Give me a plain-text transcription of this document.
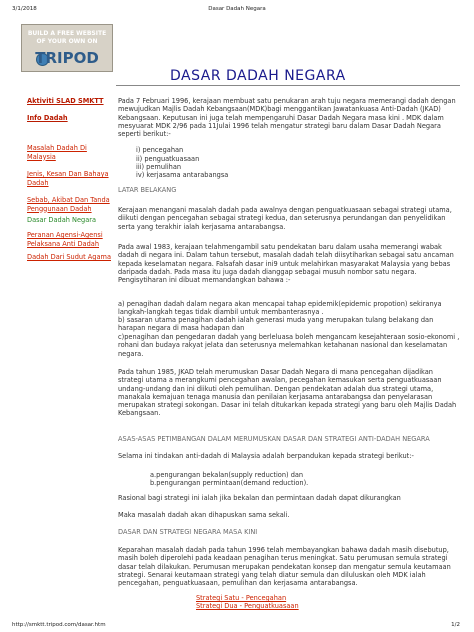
3/1/2018	Dasar Dadah Negara
BUILD A FREE WEBSITE
OF YOUR OWN ON
TRIPOD
DASAR DADAH NEGARA
Aktiviti SLAD SMKTT
Info Dadah
Masalah Dadah Di Malaysia
Jenis, Kesan Dan Bahaya Dadah
Sebab, Akibat Dan Tanda Penggunaan Dadah
Dasar Dadah Negara
Peranan Agensi-Agensi Pelaksana Anti Dadah
Dadah Dari Sudut Agama

Pada 7 Februari 1996, kerajaan membuat satu penukaran arah tuju negara memerangi dadah dengan mewujudkan Majlis Dadah Kebangsaan(MDK)bagi menggantikan Jawatankuasa Anti-Dadah (JKAD) Kebangsaan. Keputusan ini juga telah mempengaruhi Dasar Dadah Negara masa kini . MDK dalam mesyuarat MDK 2/96 pada 11Julai 1996 telah mengatur strategi baru dalam Dasar Dadah Negara seperti berikut:-

i) pencegahan

ii) penguatkuasaan

iii) pemulihan

iv) kerjasama antarabangsa

LATAR BELAKANG

Kerajaan menangani masalah dadah pada awalnya dengan penguatkuasaan sebagai strategi utama, diikuti dengan pencegahan sebagai strategi kedua, dan seterusnya perundangan dan penyelidikan serta yang terakhir ialah kerjasama antarabangsa.

Pada awal 1983, kerajaan telahmengambil satu pendekatan baru dalam usaha memerangi wabak dadah di negara ini. Dalam tahun tersebut, masalah dadah telah diisytiharkan sebagai satu ancaman kepada keselamatan negara. Falsafah dasar ini9 untuk melahirkan masyarakat Malaysia yang bebas daripada dadah. Pada masa itu juga dadah dianggap sebagai musuh nombor satu negara. Pengisytiharan ini dibuat memandangkan bahawa :-

a) penagihan dadah dalam negara akan mencapai tahap epidemik(epidemic propotion) sekiranya langkah-langkah tegas tidak diambil untuk membanterasnya .

b) sasaran utama penagihan dadah ialah generasi muda yang merupakan tulang belakang dan harapan negara di masa hadapan dan

c)penagihan dan pengedaran dadah yang berleluasa boleh mengancam kesejahteraan sosio-ekonomi , rohani dan budaya rakyat jelata dan seterusnya melemahkan ketahanan nasional dan keselamatan negara.

Pada tahun 1985, JKAD telah merumuskan Dasar Dadah Negara di mana pencegahan dijadikan strategi utama a merangkumi pencegahan awalan, pecegahan kemasukan serta penguatkuasaan undang-undang dan ini diikuti oleh pemulihan. Dengan pendekatan adalah dua strategi utama, manakala kemajuan tenaga manusia dan penilaian kerjasama antarabangsa dan penyelarasan merupakan strategi sokongan. Dasar ini telah ditukarkan kepada strategi yang baru oleh Majlis Dadah Kebangsaan.

ASAS-ASAS PETIMBANGAN DALAM MERUMUSKAN DASAR DAN STRATEGI ANTI-DADAH NEGARA

Selama ini tindakan anti-dadah di Malaysia adalah berpandukan kepada strategi berikut:-

a.pengurangan bekalan(supply reduction) dan

b.pengurangan permintaan(demand reduction).

Rasional bagi strategi ini ialah jika bekalan dan permintaan dadah dapat dikurangkan

Maka masalah dadah akan dihapuskan sama sekali.

DASAR DAN STRATEGI NEGARA MASA KINI

Keparahan masalah dadah pada tahun 1996 telah membayangkan bahawa dadah masih disebutup, masih boleh diperolehi pada keadaan penagihan terus meningkat. Satu perumusan semula strategi dasar telah dilakukan. Perumusan merupakan pendekatan konsep dan mengatur semula keutamaan strategi. Senarai keutamaan strategi yang telah diatur semula dan diluluskan oleh MDK ialah pencegahan, penguatkuasaan, pemulihan dan kerjasama antarabangsa.

Strategi Satu - Pencegahan

Strategi Dua - Penguatkuasaan

http://smktt.tripod.com/dasar.htm	1/2
